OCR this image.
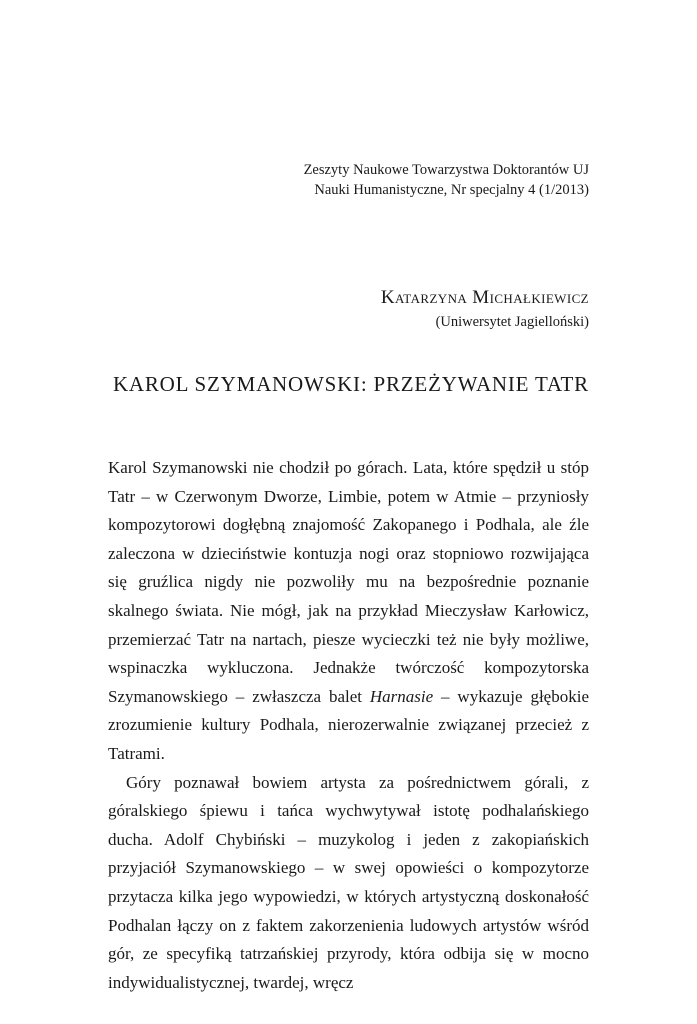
Zeszyty Naukowe Towarzystwa Doktorantów UJ
Nauki Humanistyczne, Nr specjalny 4 (1/2013)
Katarzyna Michałkiewicz
(Uniwersytet Jagielloński)
KAROL SZYMANOWSKI: PRZEŻYWANIE TATR

Karol Szymanowski nie chodził po górach. Lata, które spędził u stóp Tatr – w Czerwonym Dworze, Limbie, potem w Atmie – przyniosły kompozytorowi dogłębną znajomość Zakopanego i Podhala, ale źle zaleczona w dzieciństwie kontuzja nogi oraz stopniowo rozwijająca się gruźlica nigdy nie pozwoliły mu na bezpośrednie poznanie skalnego świata. Nie mógł, jak na przykład Mieczysław Karłowicz, przemierzać Tatr na nartach, piesze wycieczki też nie były możliwe, wspinaczka wykluczona. Jednakże twórczość kompozytorska Szymanowskiego – zwłaszcza balet Harnasie – wykazuje głębokie zrozumienie kultury Podhala, nierozerwalnie związanej przecież z Tatrami.

Góry poznawał bowiem artysta za pośrednictwem górali, z góralskiego śpiewu i tańca wychwytywał istotę podhalańskiego ducha. Adolf Chybiński – muzykolog i jeden z zakopiańskich przyjaciół Szymanowskiego – w swej opowieści o kompozytorze przytacza kilka jego wypowiedzi, w których artystyczną doskonałość Podhalan łączy on z faktem zakorzenienia ludowych artystów wśród gór, ze specyfiką tatrzańskiej przyrody, która odbija się w mocno indywidualistycznej, twardej, wręcz
